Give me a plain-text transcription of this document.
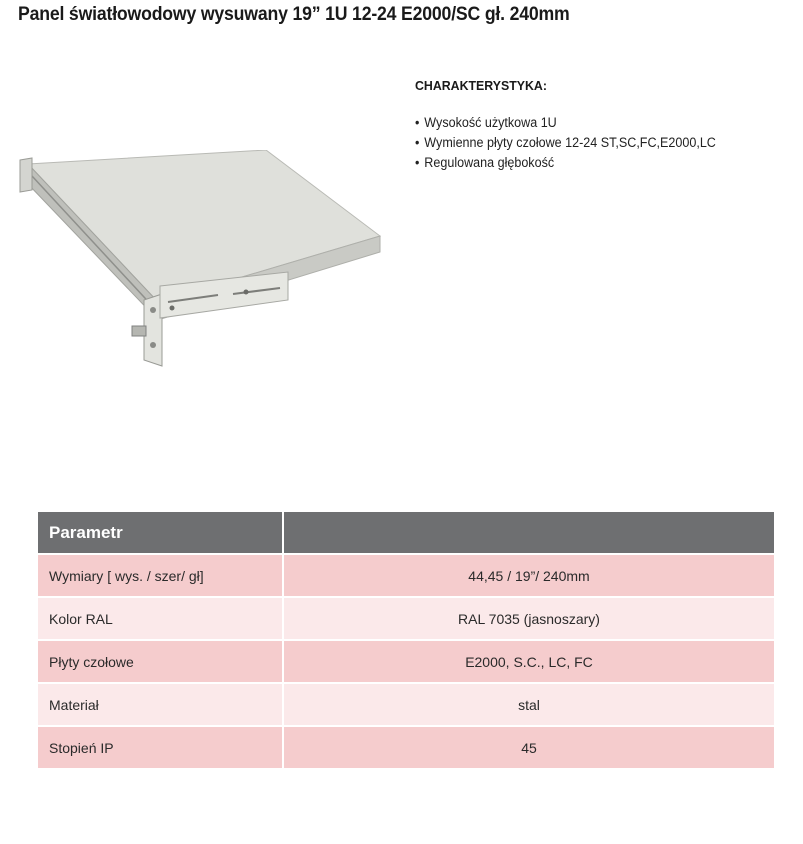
Panel światłowodowy wysuwany 19” 1U 12-24 E2000/SC gł. 240mm
CHARAKTERYSTYKA:
• Wysokość użytkowa 1U
• Wymienne płyty czołowe 12-24 ST,SC,FC,E2000,LC
• Regulowana głębokość
Parametr	
Wymiary [ wys. / szer/ gł]	44,45 / 19”/ 240mm
Kolor RAL	RAL 7035 (jasnoszary)
Płyty czołowe	E2000, S.C., LC, FC
Materiał	stal
Stopień IP	45
